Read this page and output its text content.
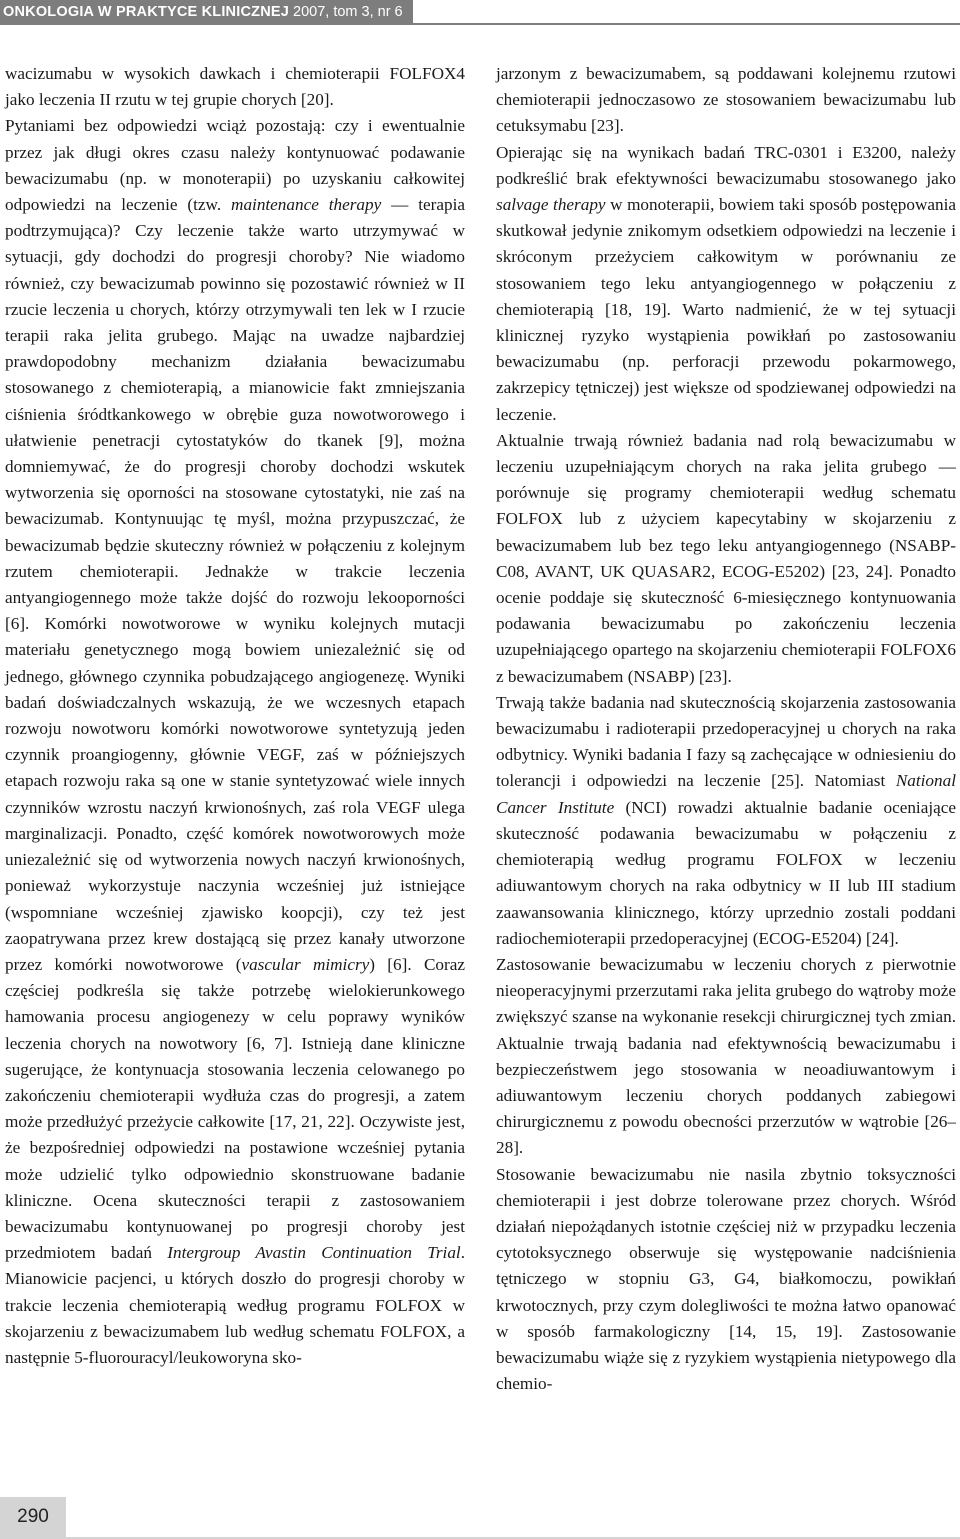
ONKOLOGIA W PRAKTYCE KLINICZNEJ 2007, tom 3, nr 6

wacizumabu w wysokich dawkach i chemioterapii FOLFOX4 jako leczenia II rzutu w tej grupie chorych [20].

Pytaniami bez odpowiedzi wciąż pozostają: czy i ewentualnie przez jak długi okres czasu należy kontynuować podawanie bewacizumabu (np. w monoterapii) po uzyskaniu całkowitej odpowiedzi na leczenie (tzw. maintenance therapy — terapia podtrzymująca)? Czy leczenie także warto utrzymywać w sytuacji, gdy dochodzi do progresji choroby? Nie wiadomo również, czy bewacizumab powinno się pozostawić również w II rzucie leczenia u chorych, którzy otrzymywali ten lek w I rzucie terapii raka jelita grubego. Mając na uwadze najbardziej prawdopodobny mechanizm działania bewacizumabu stosowanego z chemioterapią, a mianowicie fakt zmniejszania ciśnienia śródtkankowego w obrębie guza nowotworowego i ułatwienie penetracji cytostatyków do tkanek [9], można domniemywać, że do progresji choroby dochodzi wskutek wytworzenia się oporności na stosowane cytostatyki, nie zaś na bewacizumab. Kontynuując tę myśl, można przypuszczać, że bewacizumab będzie skuteczny również w połączeniu z kolejnym rzutem chemioterapii. Jednakże w trakcie leczenia antyangiogennego może także dojść do rozwoju lekooporności [6]. Komórki nowotworowe w wyniku kolejnych mutacji materiału genetycznego mogą bowiem uniezależnić się od jednego, głównego czynnika pobudzającego angiogenezę. Wyniki badań doświadczalnych wskazują, że we wczesnych etapach rozwoju nowotworu komórki nowotworowe syntetyzują jeden czynnik proangiogenny, głównie VEGF, zaś w późniejszych etapach rozwoju raka są one w stanie syntetyzować wiele innych czynników wzrostu naczyń krwionośnych, zaś rola VEGF ulega marginalizacji. Ponadto, część komórek nowotworowych może uniezależnić się od wytworzenia nowych naczyń krwionośnych, ponieważ wykorzystuje naczynia wcześniej już istniejące (wspomniane wcześniej zjawisko koopcji), czy też jest zaopatrywana przez krew dostającą się przez kanały utworzone przez komórki nowotworowe (vascular mimicry) [6]. Coraz częściej podkreśla się także potrzebę wielokierunkowego hamowania procesu angiogenezy w celu poprawy wyników leczenia chorych na nowotwory [6, 7]. Istnieją dane kliniczne sugerujące, że kontynuacja stosowania leczenia celowanego po zakończeniu chemioterapii wydłuża czas do progresji, a zatem może przedłużyć przeżycie całkowite [17, 21, 22]. Oczywiste jest, że bezpośredniej odpowiedzi na postawione wcześniej pytania może udzielić tylko odpowiednio skonstruowane badanie kliniczne. Ocena skuteczności terapii z zastosowaniem bewacizumabu kontynuowanej po progresji choroby jest przedmiotem badań Intergroup Avastin Continuation Trial. Mianowicie pacjenci, u których doszło do progresji choroby w trakcie leczenia chemioterapią według programu FOLFOX w skojarzeniu z bewacizumabem lub według schematu FOLFOX, a następnie 5-fluorouracyl/leukoworyna sko-

jarzonym z bewacizumabem, są poddawani kolejnemu rzutowi chemioterapii jednoczasowo ze stosowaniem bewacizumabu lub cetuksymabu [23].

Opierając się na wynikach badań TRC-0301 i E3200, należy podkreślić brak efektywności bewacizumabu stosowanego jako salvage therapy w monoterapii, bowiem taki sposób postępowania skutkował jedynie znikomym odsetkiem odpowiedzi na leczenie i skróconym przeżyciem całkowitym w porównaniu ze stosowaniem tego leku antyangiogennego w połączeniu z chemioterapią [18, 19]. Warto nadmienić, że w tej sytuacji klinicznej ryzyko wystąpienia powikłań po zastosowaniu bewacizumabu (np. perforacji przewodu pokarmowego, zakrzepicy tętniczej) jest większe od spodziewanej odpowiedzi na leczenie.

Aktualnie trwają również badania nad rolą bewacizumabu w leczeniu uzupełniającym chorych na raka jelita grubego — porównuje się programy chemioterapii według schematu FOLFOX lub z użyciem kapecytabiny w skojarzeniu z bewacizumabem lub bez tego leku antyangiogennego (NSABP-C08, AVANT, UK QUASAR2, ECOG-E5202) [23, 24]. Ponadto ocenie poddaje się skuteczność 6-miesięcznego kontynuowania podawania bewacizumabu po zakończeniu leczenia uzupełniającego opartego na skojarzeniu chemioterapii FOLFOX6 z bewacizumabem (NSABP) [23].

Trwają także badania nad skutecznością skojarzenia zastosowania bewacizumabu i radioterapii przedoperacyjnej u chorych na raka odbytnicy. Wyniki badania I fazy są zachęcające w odniesieniu do tolerancji i odpowiedzi na leczenie [25]. Natomiast National Cancer Institute (NCI) rowadzi aktualnie badanie oceniające skuteczność podawania bewacizumabu w połączeniu z chemioterapią według programu FOLFOX w leczeniu adiuwantowym chorych na raka odbytnicy w II lub III stadium zaawansowania klinicznego, którzy uprzednio zostali poddani radiochemioterapii przedoperacyjnej (ECOG-E5204) [24].

Zastosowanie bewacizumabu w leczeniu chorych z pierwotnie nieoperacyjnymi przerzutami raka jelita grubego do wątroby może zwiększyć szanse na wykonanie resekcji chirurgicznej tych zmian. Aktualnie trwają badania nad efektywnością bewacizumabu i bezpieczeństwem jego stosowania w neoadiuwantowym i adiuwantowym leczeniu chorych poddanych zabiegowi chirurgicznemu z powodu obecności przerzutów w wątrobie [26–28].

Stosowanie bewacizumabu nie nasila zbytnio toksyczności chemioterapii i jest dobrze tolerowane przez chorych. Wśród działań niepożądanych istotnie częściej niż w przypadku leczenia cytotoksycznego obserwuje się występowanie nadciśnienia tętniczego w stopniu G3, G4, białkomoczu, powikłań krwotocznych, przy czym dolegliwości te można łatwo opanować w sposób farmakologiczny [14, 15, 19]. Zastosowanie bewacizumabu wiąże się z ryzykiem wystąpienia nietypowego dla chemio-

290
